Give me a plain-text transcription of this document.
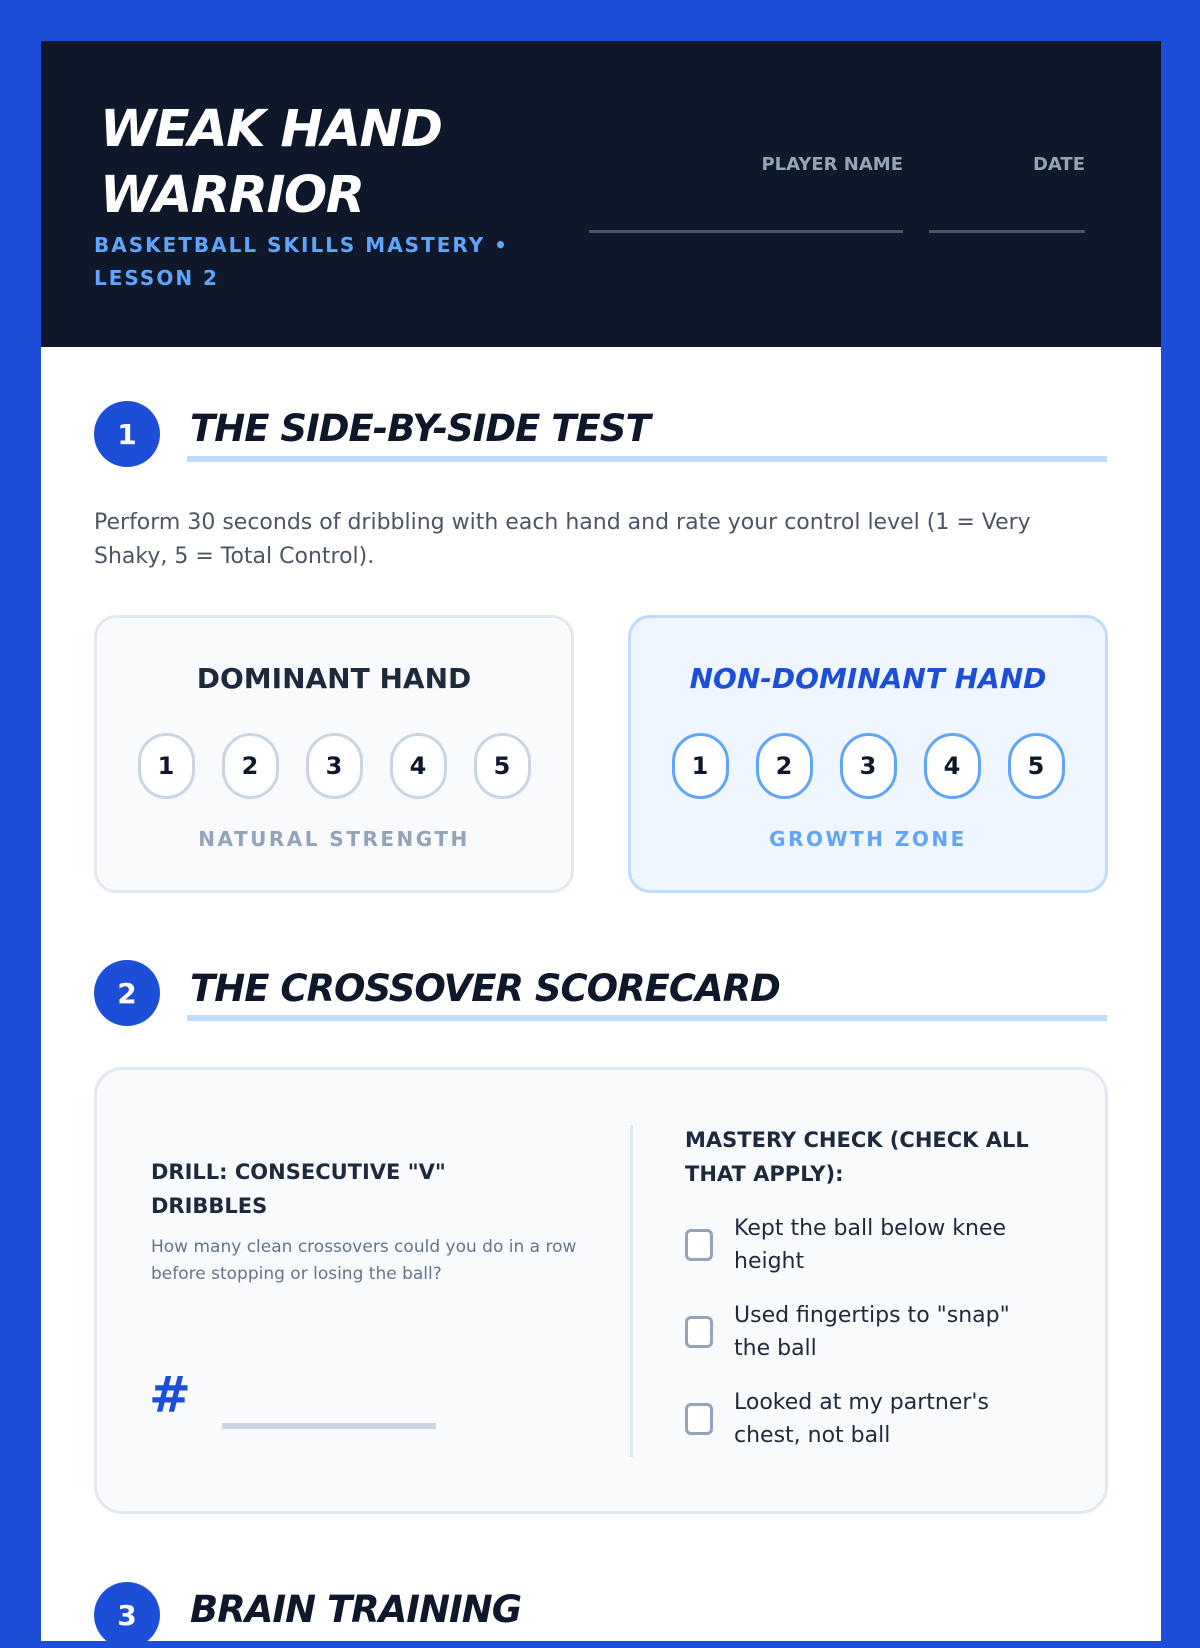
WEAK HAND
WARRIOR
BASKETBALL SKILLS MASTERY •
LESSON 2
PLAYER NAME	DATE
1	THE SIDE-BY-SIDE TEST
Perform 30 seconds of dribbling with each hand and rate your control level (1 = Very Shaky, 5 = Total Control).
DOMINANT HAND
1	2	3	4	5
NATURAL STRENGTH
NON-DOMINANT HAND
1	2	3	4	5
GROWTH ZONE
2	THE CROSSOVER SCORECARD
DRILL: CONSECUTIVE "V" DRIBBLES
How many clean crossovers could you do in a row before stopping or losing the ball?
#
MASTERY CHECK (CHECK ALL THAT APPLY):
Kept the ball below knee height
Used fingertips to "snap" the ball
Looked at my partner's chest, not ball
3	BRAIN TRAINING
